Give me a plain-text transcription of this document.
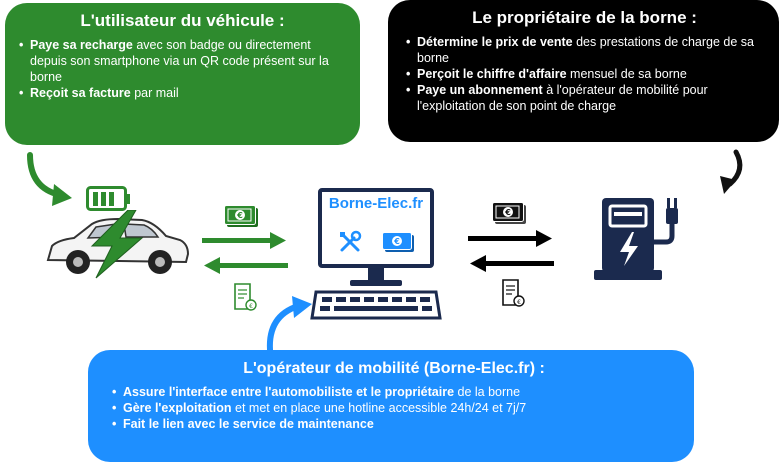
L'utilisateur du véhicule :
• Paye sa recharge avec son badge ou directement depuis son smartphone via un QR code présent sur la borne
• Reçoit sa facture par mail
Le propriétaire de la borne :
• Détermine le prix de vente des prestations de charge de sa borne
• Perçoit le chiffre d'affaire mensuel de sa borne
• Paye un abonnement à l'opérateur de mobilité pour l'exploitation de son point de charge
L'opérateur de mobilité (Borne-Elec.fr) :
• Assure l'interface entre l'automobiliste et le propriétaire de la borne
• Gère l'exploitation et met en place une hotline accessible 24h/24 et 7j/7
• Fait le lien avec le service de maintenance
€
€
Borne-Elec.fr
€
€
€
